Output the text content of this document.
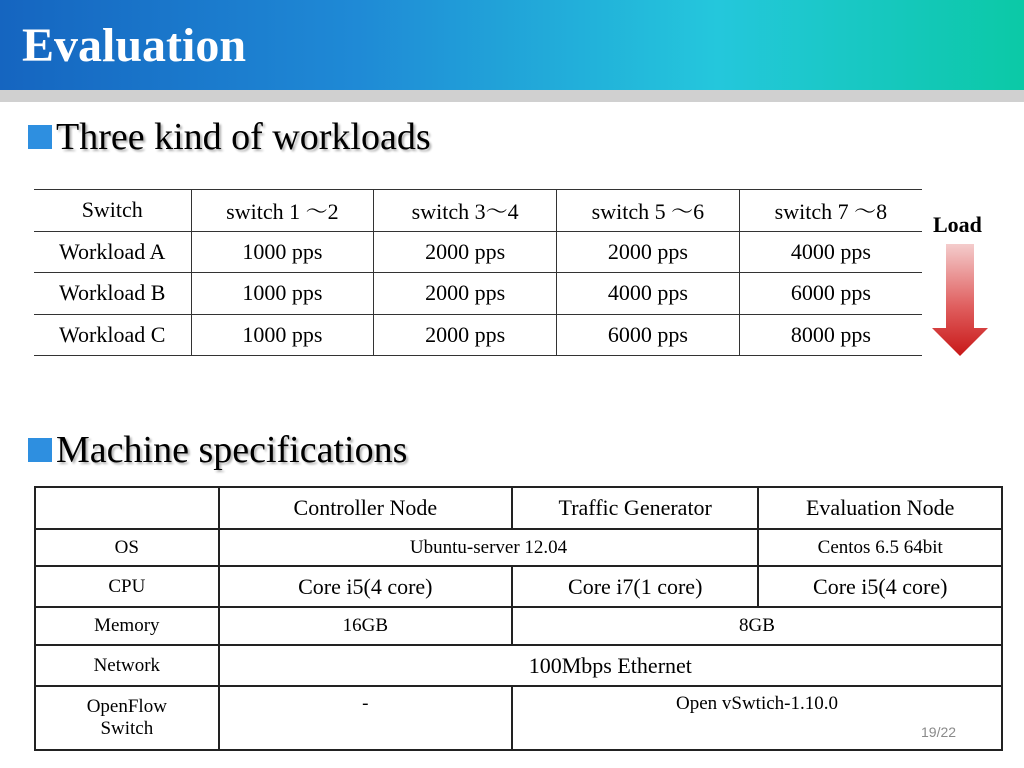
Evaluation
Three kind of workloads
Switch	switch 1 ～2	switch 3～4	switch 5 ～6	switch 7 ～8
Workload A	1000 pps	2000 pps	2000 pps	4000 pps
Workload B	1000 pps	2000 pps	4000 pps	6000 pps
Workload C	1000 pps	2000 pps	6000 pps	8000 pps
Load
Machine specifications
	Controller Node	Traffic Generator	Evaluation Node
OS	Ubuntu-server 12.04		Centos 6.5 64bit
CPU	Core i5(4 core)	Core i7(1 core)	Core i5(4 core)
Memory	16GB	8GB	
Network	100Mbps Ethernet		

OpenFlow
Switch	-	Open vSwtich-1.10.0	
19/22
